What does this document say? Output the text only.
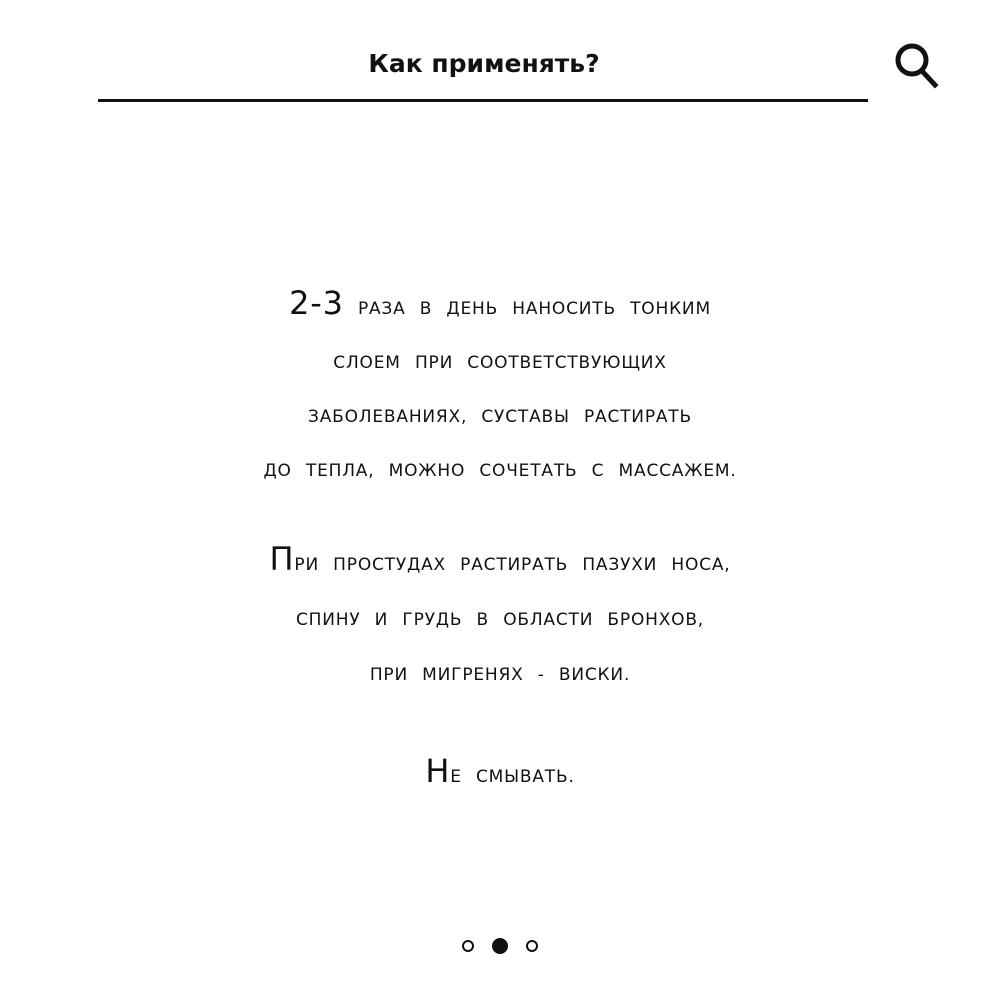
Как применять?
2-3 раза в день наносить тонким
слоем при соответствующих
заболеваниях, суставы растирать
до тепла, можно сочетать с массажем.
При простудах растирать пазухи носа,
спину и грудь в области бронхов,
при мигренях - виски.
Не смывать.
